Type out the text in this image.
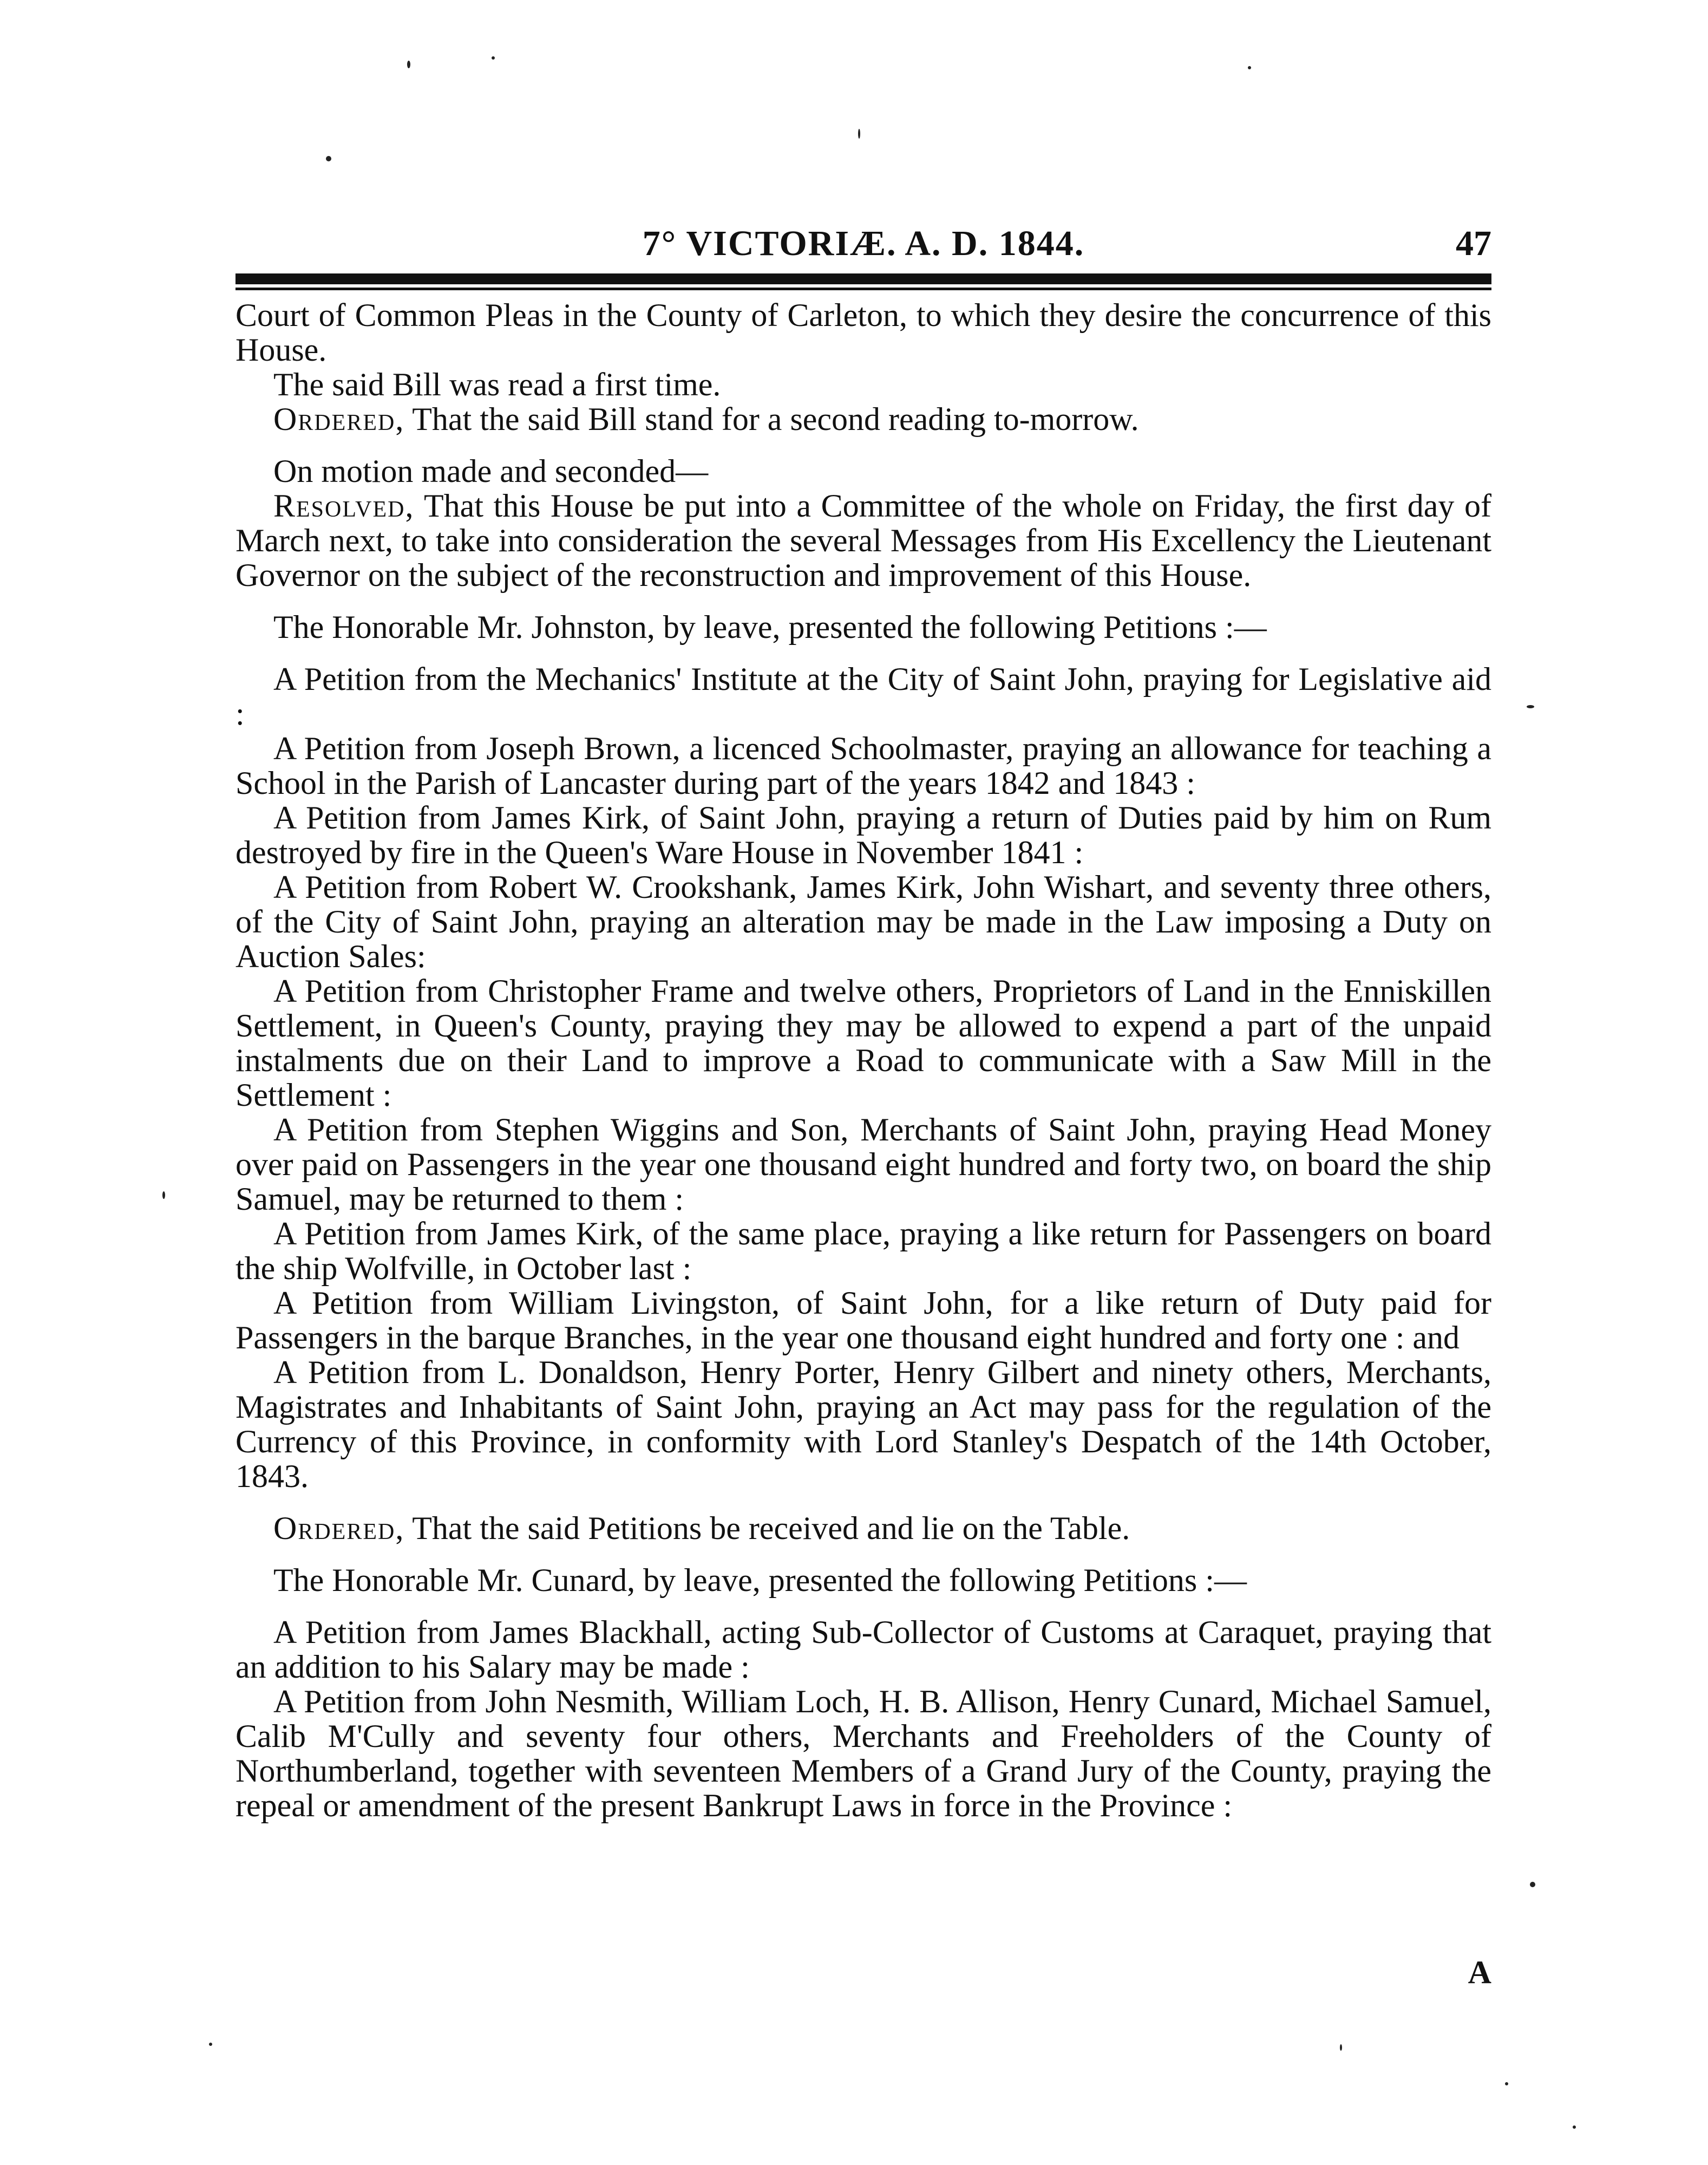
7° VICTORIÆ. A. D. 1844.	47

Court of Common Pleas in the County of Carleton, to which they desire the concurrence of this House.

The said Bill was read a first time.

Ordered, That the said Bill stand for a second reading to-morrow.

On motion made and seconded—

Resolved, That this House be put into a Committee of the whole on Friday, the first day of March next, to take into consideration the several Messages from His Excellency the Lieutenant Governor on the subject of the reconstruction and improvement of this House.

The Honorable Mr. Johnston, by leave, presented the following Petitions :—

A Petition from the Mechanics' Institute at the City of Saint John, praying for Legislative aid :

A Petition from Joseph Brown, a licenced Schoolmaster, praying an allowance for teaching a School in the Parish of Lancaster during part of the years 1842 and 1843 :

A Petition from James Kirk, of Saint John, praying a return of Duties paid by him on Rum destroyed by fire in the Queen's Ware House in November 1841 :

A Petition from Robert W. Crookshank, James Kirk, John Wishart, and seventy three others, of the City of Saint John, praying an alteration may be made in the Law imposing a Duty on Auction Sales:

A Petition from Christopher Frame and twelve others, Proprietors of Land in the Enniskillen Settlement, in Queen's County, praying they may be allowed to expend a part of the unpaid instalments due on their Land to improve a Road to communicate with a Saw Mill in the Settlement :

A Petition from Stephen Wiggins and Son, Merchants of Saint John, praying Head Money over paid on Passengers in the year one thousand eight hundred and forty two, on board the ship Samuel, may be returned to them :

A Petition from James Kirk, of the same place, praying a like return for Passengers on board the ship Wolfville, in October last :

A Petition from William Livingston, of Saint John, for a like return of Duty paid for Passengers in the barque Branches, in the year one thousand eight hundred and forty one : and

A Petition from L. Donaldson, Henry Porter, Henry Gilbert and ninety others, Merchants, Magistrates and Inhabitants of Saint John, praying an Act may pass for the regulation of the Currency of this Province, in conformity with Lord Stanley's Despatch of the 14th October, 1843.

Ordered, That the said Petitions be received and lie on the Table.

The Honorable Mr. Cunard, by leave, presented the following Petitions :—

A Petition from James Blackhall, acting Sub-Collector of Customs at Caraquet, praying that an addition to his Salary may be made :

A Petition from John Nesmith, William Loch, H. B. Allison, Henry Cunard, Michael Samuel, Calib M'Cully and seventy four others, Merchants and Freeholders of the County of Northumberland, together with seventeen Members of a Grand Jury of the County, praying the repeal or amendment of the present Bankrupt Laws in force in the Province :

A
